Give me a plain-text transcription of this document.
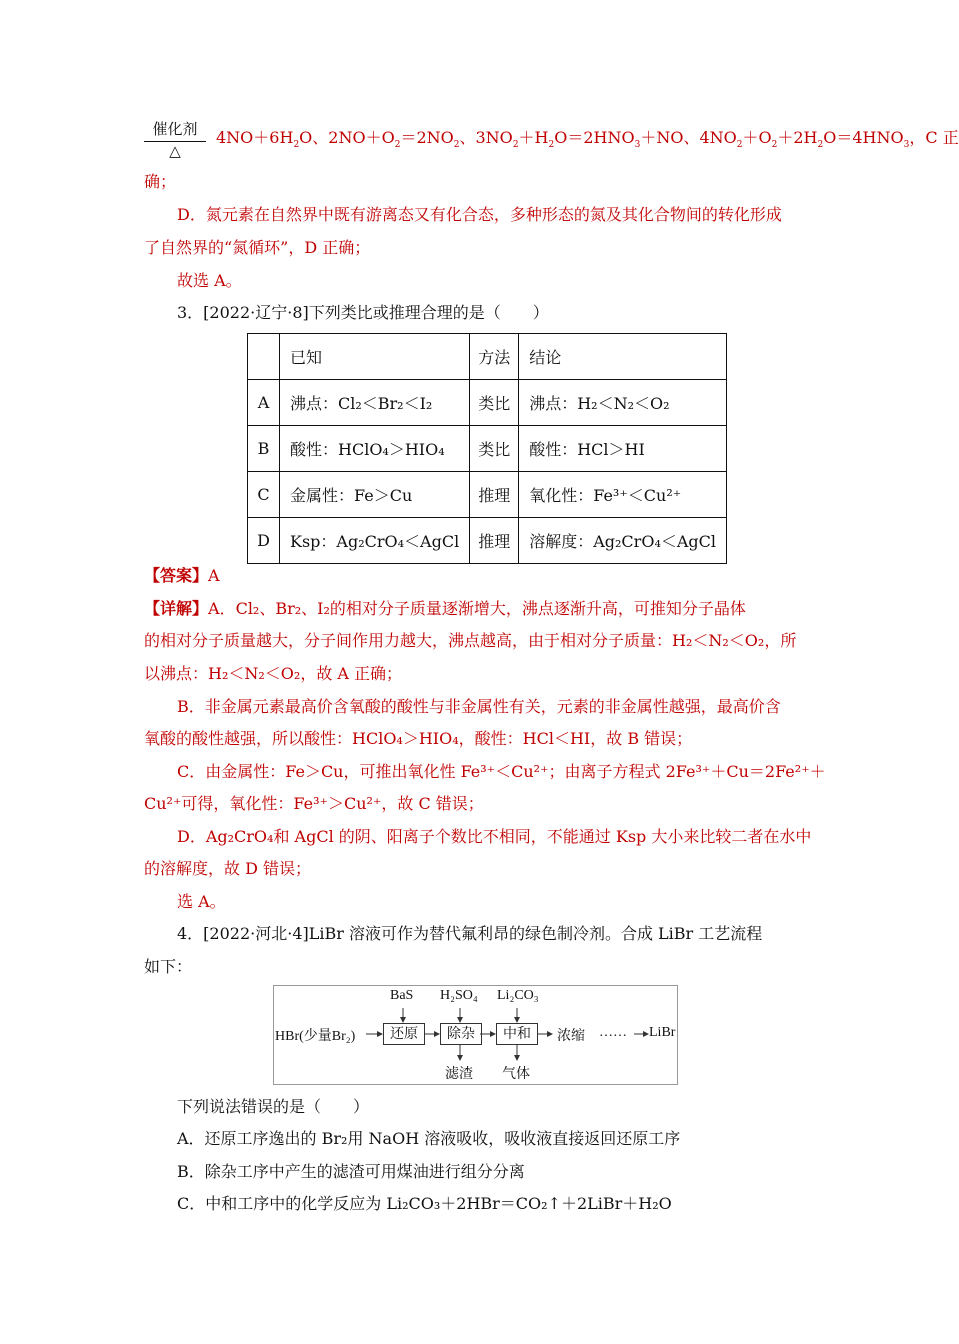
催化剂
△
$4NO+6H_2O$、$2NO+O_2=2NO_2$、$3NO_2+H_2O=2HNO_3+NO$、$4NO_2+O_2+2H_2O=4HNO_3$，C 正
确；
D．氮元素在自然界中既有游离态又有化合态，多种形态的氮及其化合物间的转化形成
了自然界的“氮循环”，D 正确；
故选 A。
3．[2022·辽宁·8]下列类比或推理合理的是（　　）
	已知	方法	结论
A	沸点：Cl₂＜Br₂＜I₂	类比	沸点：H₂＜N₂＜O₂
B	酸性：HClO₄＞HIO₄	类比	酸性：HCl＞HI
C	金属性：Fe＞Cu	推理	氧化性：Fe³⁺＜Cu²⁺
D	Ksp：Ag₂CrO₄＜AgCl	推理	溶解度：Ag₂CrO₄＜AgCl
【答案】A
【详解】A．Cl₂、Br₂、I₂的相对分子质量逐渐增大，沸点逐渐升高，可推知分子晶体
的相对分子质量越大，分子间作用力越大，沸点越高，由于相对分子质量：H₂＜N₂＜O₂，所
以沸点：H₂＜N₂＜O₂，故 A 正确；
B．非金属元素最高价含氧酸的酸性与非金属性有关，元素的非金属性越强，最高价含
氧酸的酸性越强，所以酸性：HClO₄＞HIO₄，酸性：HCl＜HI，故 B 错误；
C．由金属性：Fe＞Cu，可推出氧化性 Fe³⁺＜Cu²⁺；由离子方程式 2Fe³⁺＋Cu＝2Fe²⁺＋
Cu²⁺可得，氧化性：Fe³⁺＞Cu²⁺，故 C 错误；
D．Ag₂CrO₄和 AgCl 的阴、阳离子个数比不相同，不能通过 Ksp 大小来比较二者在水中
的溶解度，故 D 错误；
选 A。
4．[2022·河北·4]LiBr 溶液可作为替代氟利昂的绿色制冷剂。合成 LiBr 工艺流程
如下：
BaS H₂SO₄ Li₂CO₃
HBr(少量Br₂)	还原	除杂	中和	浓缩 …… LiBr
滤渣 气体
下列说法错误的是（　　）
A．还原工序逸出的 Br₂用 NaOH 溶液吸收，吸收液直接返回还原工序
B．除杂工序中产生的滤渣可用煤油进行组分分离
C．中和工序中的化学反应为 Li₂CO₃＋2HBr＝CO₂↑＋2LiBr＋H₂O
